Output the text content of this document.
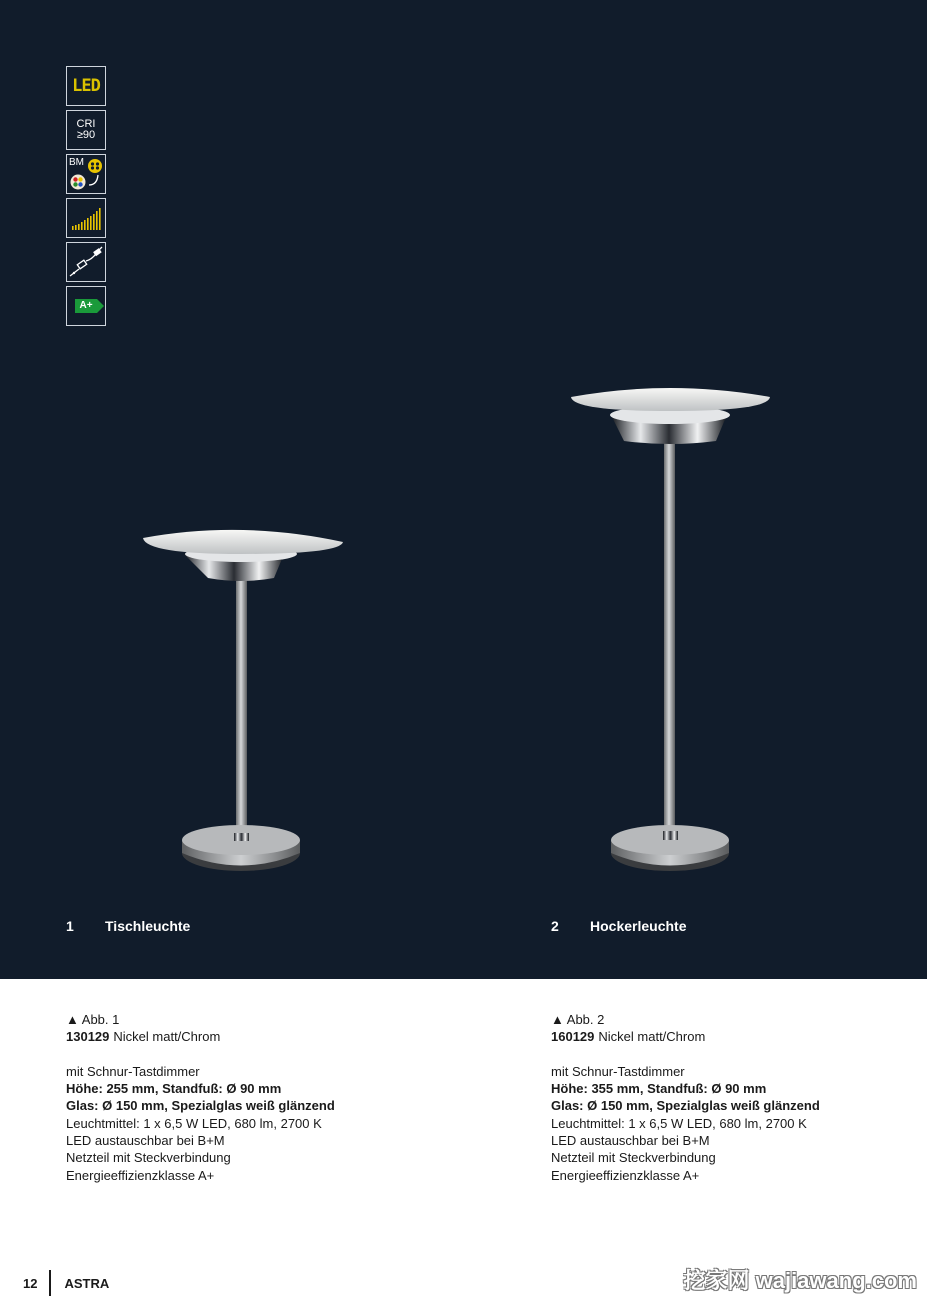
LED
CRI
≥90
BM
A+
1	Tischleuchte	2	Hockerleuchte
▲ Abb. 1
130129 Nickel matt/Chrom
mit Schnur-Tastdimmer
Höhe: 255 mm, Standfuß: Ø 90 mm
Glas: Ø 150 mm, Spezialglas weiß glänzend
Leuchtmittel: 1 x 6,5 W LED, 680 lm, 2700 K
LED austauschbar bei B+M
Netzteil mit Steckverbindung
Energieeffizienzklasse A+
▲ Abb. 2
160129 Nickel matt/Chrom
mit Schnur-Tastdimmer
Höhe: 355 mm, Standfuß: Ø 90 mm
Glas: Ø 150 mm, Spezialglas weiß glänzend
Leuchtmittel: 1 x 6,5 W LED, 680 lm, 2700 K
LED austauschbar bei B+M
Netzteil mit Steckverbindung
Energieeffizienzklasse A+
12 ASTRA	挖家网 wajiawang.com
